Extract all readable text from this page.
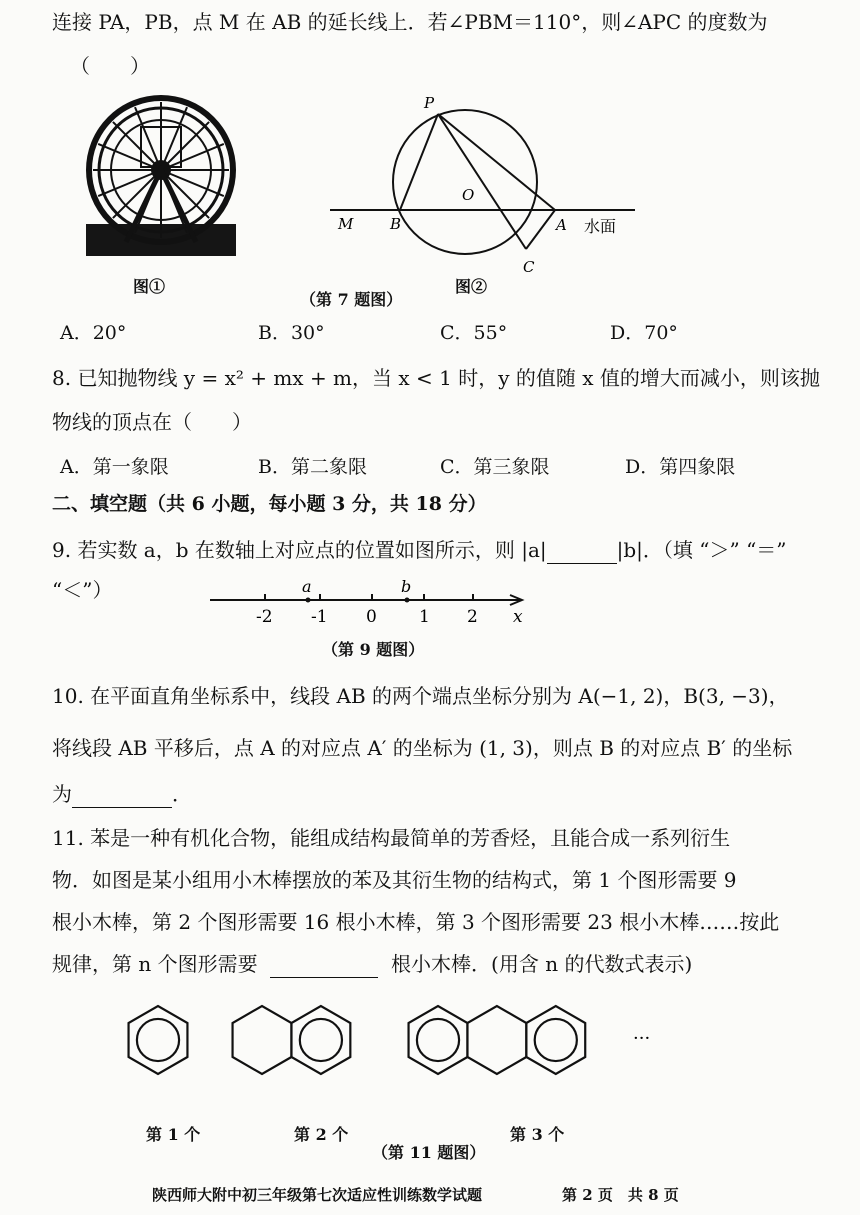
连接 PA，PB，点 M 在 AB 的延长线上．若∠PBM＝110°，则∠APC 的度数为
（　　）
图①
P
O
M B	A
C
水面
图②
（第 7 题图）
A．20°	B．30°	C．55°	D．70°
8. 已知抛物线 y = x² + mx + m，当 x < 1 时，y 的值随 x 值的增大而减小，则该抛
物线的顶点在（　　）
A．第一象限	B．第二象限	C．第三象限	D．第四象限
二、填空题（共 6 小题，每小题 3 分，共 18 分）
9. 若实数 a，b 在数轴上对应点的位置如图所示，则 |a|	|b|．（填 “＞” “＝”
“＜”）
-2 -1 0 1 2
a	b
x
（第 9 题图）
10. 在平面直角坐标系中，线段 AB 的两个端点坐标分别为 A(−1, 2)，B(3, −3)，
将线段 AB 平移后，点 A 的对应点 A′ 的坐标为 (1, 3)，则点 B 的对应点 B′ 的坐标
为	．
11. 苯是一种有机化合物，能组成结构最简单的芳香烃，且能合成一系列衍生
物．如图是某小组用小木棒摆放的苯及其衍生物的结构式，第 1 个图形需要 9
根小木棒，第 2 个图形需要 16 根小木棒，第 3 个图形需要 23 根小木棒……按此
规律，第 n 个图形需要	根小木棒．(用含 n 的代数式表示)
···
第 1 个	第 2 个	第 3 个
（第 11 题图）
陕西师大附中初三年级第七次适应性训练数学试题	第 2 页　共 8 页
